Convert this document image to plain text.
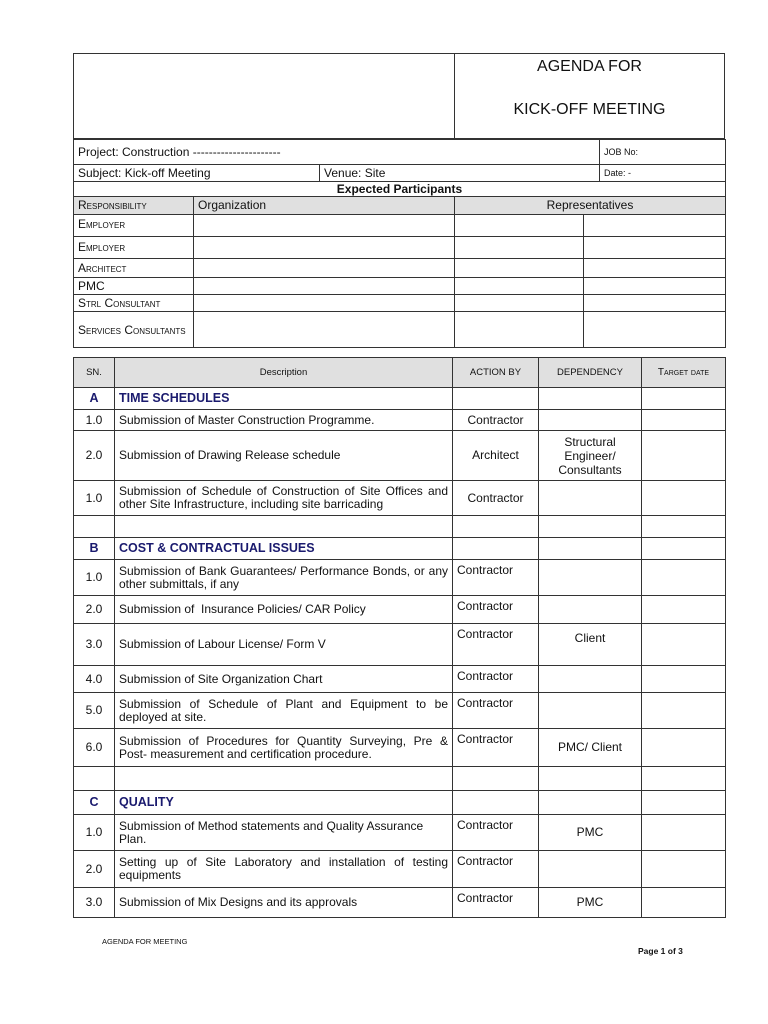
AGENDA FOR
KICK-OFF MEETING
Project: Construction ----------------------		JOB No:
Subject: Kick-off Meeting	Venue: Site	Date: -
Expected Participants		
Responsibility	Organization	Representatives	
Employer			
Employer			
Architect			
PMC			
Strl Consultant			
Services Consultants			
SN.	Description	ACTION BY	DEPENDENCY	Target date
A	TIME SCHEDULES			
1.0	Submission of Master Construction Programme.	Contractor		
2.0	Submission of Drawing Release schedule	Architect	Structural Engineer/ Consultants	
1.0	Submission of Schedule of Construction of Site Offices and other Site Infrastructure, including site barricading	Contractor		

B	COST & CONTRACTUAL ISSUES			
1.0	Submission of Bank Guarantees/ Performance Bonds, or any other submittals, if any	Contractor		
2.0	Submission of  Insurance Policies/ CAR Policy	Contractor		
3.0	Submission of Labour License/ Form V	Contractor	Client	
4.0	Submission of Site Organization Chart	Contractor		
5.0	Submission of Schedule of Plant and Equipment to be deployed at site.	Contractor		
6.0	Submission of Procedures for Quantity Surveying, Pre & Post- measurement and certification procedure.	Contractor	PMC/ Client	

C	QUALITY			
1.0	Submission of Method statements and Quality Assurance Plan.	Contractor	PMC	
2.0	Setting up of Site Laboratory and installation of testing equipments	Contractor		
3.0	Submission of Mix Designs and its approvals	Contractor	PMC	
AGENDA FOR MEETING
Page 1 of 3
